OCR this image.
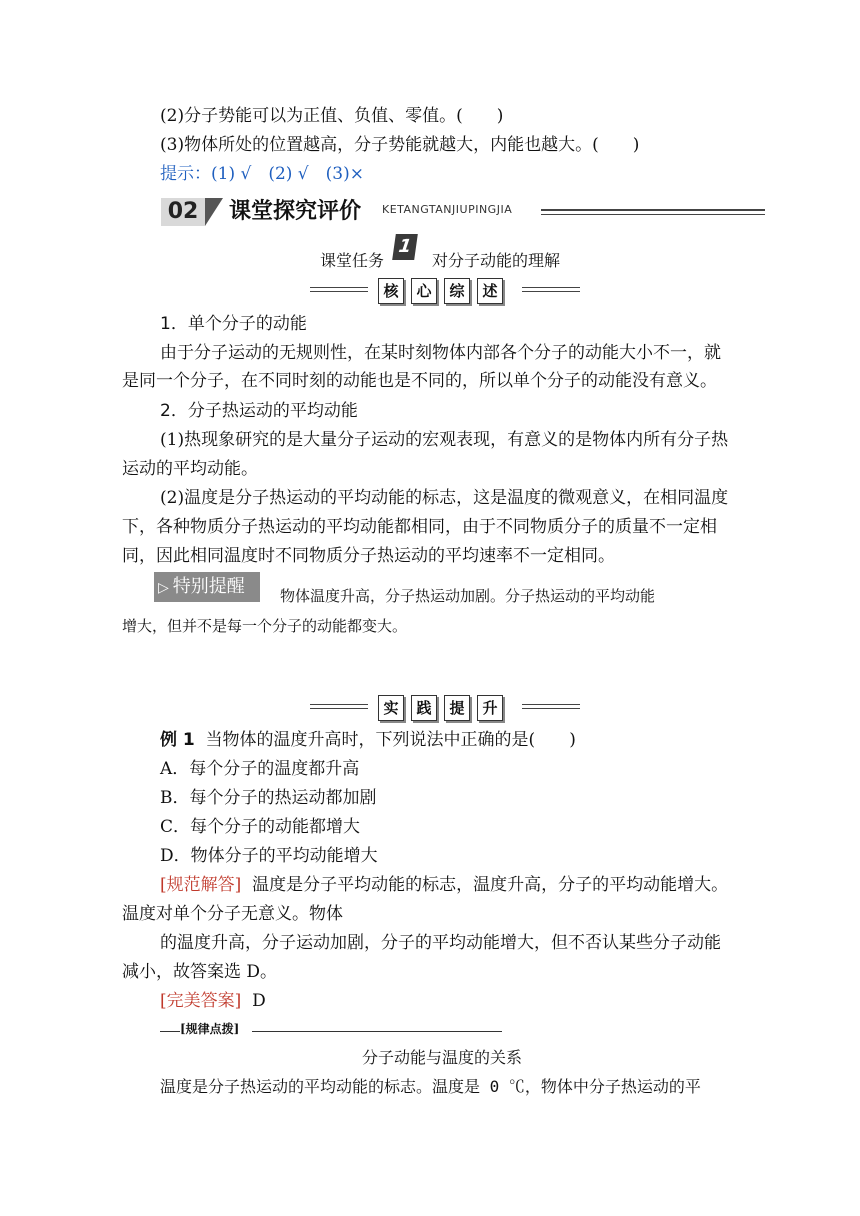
(2)分子势能可以为正值、负值、零值。(　　)
(3)物体所处的位置越高，分子势能就越大，内能也越大。(　　)
提示：(1) √　(2) √　(3)×
02	课堂探究评价 KETANGTANJIUPINGJIA
课堂任务
1
对分子动能的理解
核 心 综 述
1．单个分子的动能
由于分子运动的无规则性，在某时刻物体内部各个分子的动能大小不一，就
是同一个分子，在不同时刻的动能也是不同的，所以单个分子的动能没有意义。
2．分子热运动的平均动能
(1)热现象研究的是大量分子运动的宏观表现，有意义的是物体内所有分子热
运动的平均动能。
(2)温度是分子热运动的平均动能的标志，这是温度的微观意义，在相同温度
下，各种物质分子热运动的平均动能都相同，由于不同物质分子的质量不一定相
同，因此相同温度时不同物质分子热运动的平均速率不一定相同。
▷ 特别提醒	物体温度升高，分子热运动加剧。分子热运动的平均动能
增大，但并不是每一个分子的动能都变大。
实 践 提 升
例 1 当物体的温度升高时，下列说法中正确的是(　　)
A．每个分子的温度都升高
B．每个分子的热运动都加剧
C．每个分子的动能都增大
D．物体分子的平均动能增大
[规范解答] 温度是分子平均动能的标志，温度升高，分子的平均动能增大。
温度对单个分子无意义。物体
的温度升高，分子运动加剧，分子的平均动能增大，但不否认某些分子动能
减小，故答案选 D。
[完美答案] D
[规律点拨]
分子动能与温度的关系
温度是分子热运动的平均动能的标志。温度是 0 ℃，物体中分子热运动的平
